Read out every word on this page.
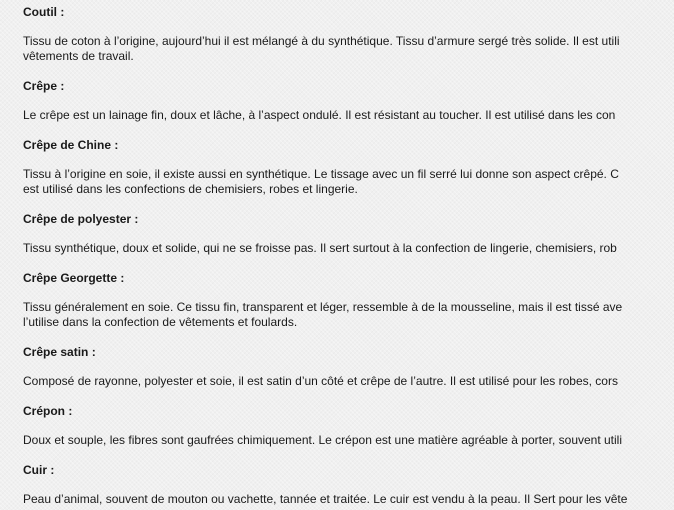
Coutil :
Tissu de coton à l’origine, aujourd’hui il est mélangé à du synthétique. Tissu d’armure sergé très solide. Il est utili
vêtements de travail.
Crêpe :
Le crêpe est un lainage fin, doux et lâche, à l’aspect ondulé. Il est résistant au toucher. Il est utilisé dans les con
Crêpe de Chine :
Tissu à l’origine en soie, il existe aussi en synthétique. Le tissage avec un fil serré lui donne son aspect crêpé. C
est utilisé dans les confections de chemisiers, robes et lingerie.
Crêpe de polyester :
Tissu synthétique, doux et solide, qui ne se froisse pas. Il sert surtout à la confection de lingerie, chemisiers, rob
Crêpe Georgette :
Tissu généralement en soie. Ce tissu fin, transparent et léger, ressemble à de la mousseline, mais il est tissé ave
l’utilise dans la confection de vêtements et foulards.
Crêpe satin :
Composé de rayonne, polyester et soie, il est satin d’un côté et crêpe de l’autre. Il est utilisé pour les robes, cors
Crépon :
Doux et souple, les fibres sont gaufrées chimiquement. Le crépon est une matière agréable à porter, souvent utili
Cuir :
Peau d’animal, souvent de mouton ou vachette, tannée et traitée. Le cuir est vendu à la peau. Il Sert pour les vête
